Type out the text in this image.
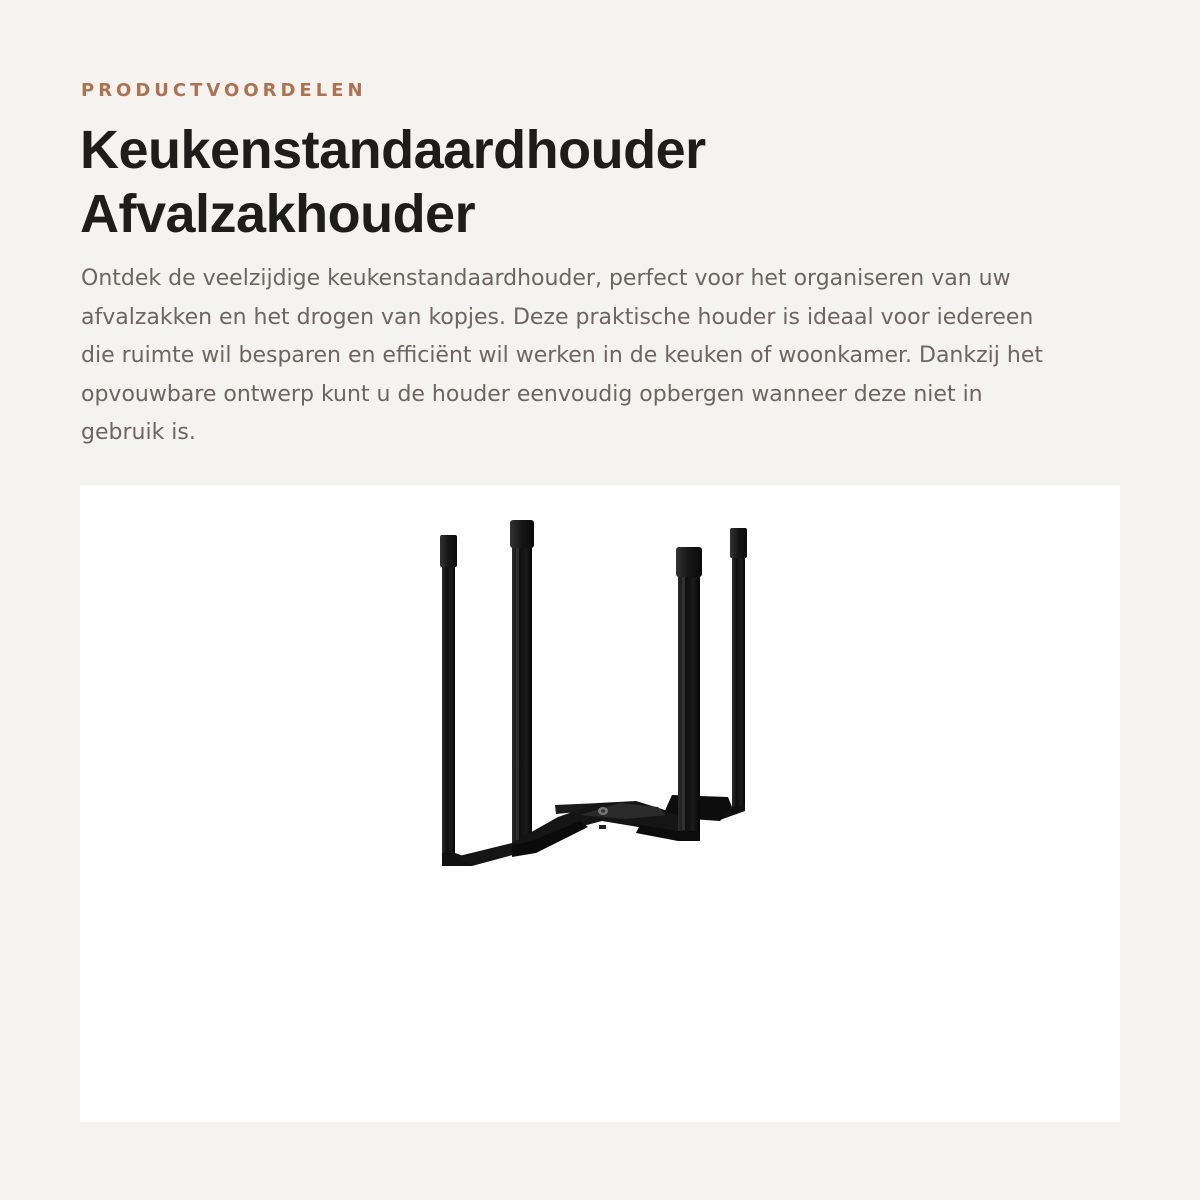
PRODUCTVOORDELEN
Keukenstandaardhouder
Afvalzakhouder

Ontdek de veelzijdige keukenstandaardhouder, perfect voor het organiseren van uw
afvalzakken en het drogen van kopjes. Deze praktische houder is ideaal voor iedereen
die ruimte wil besparen en efficiënt wil werken in de keuken of woonkamer. Dankzij het
opvouwbare ontwerp kunt u de houder eenvoudig opbergen wanneer deze niet in
gebruik is.
